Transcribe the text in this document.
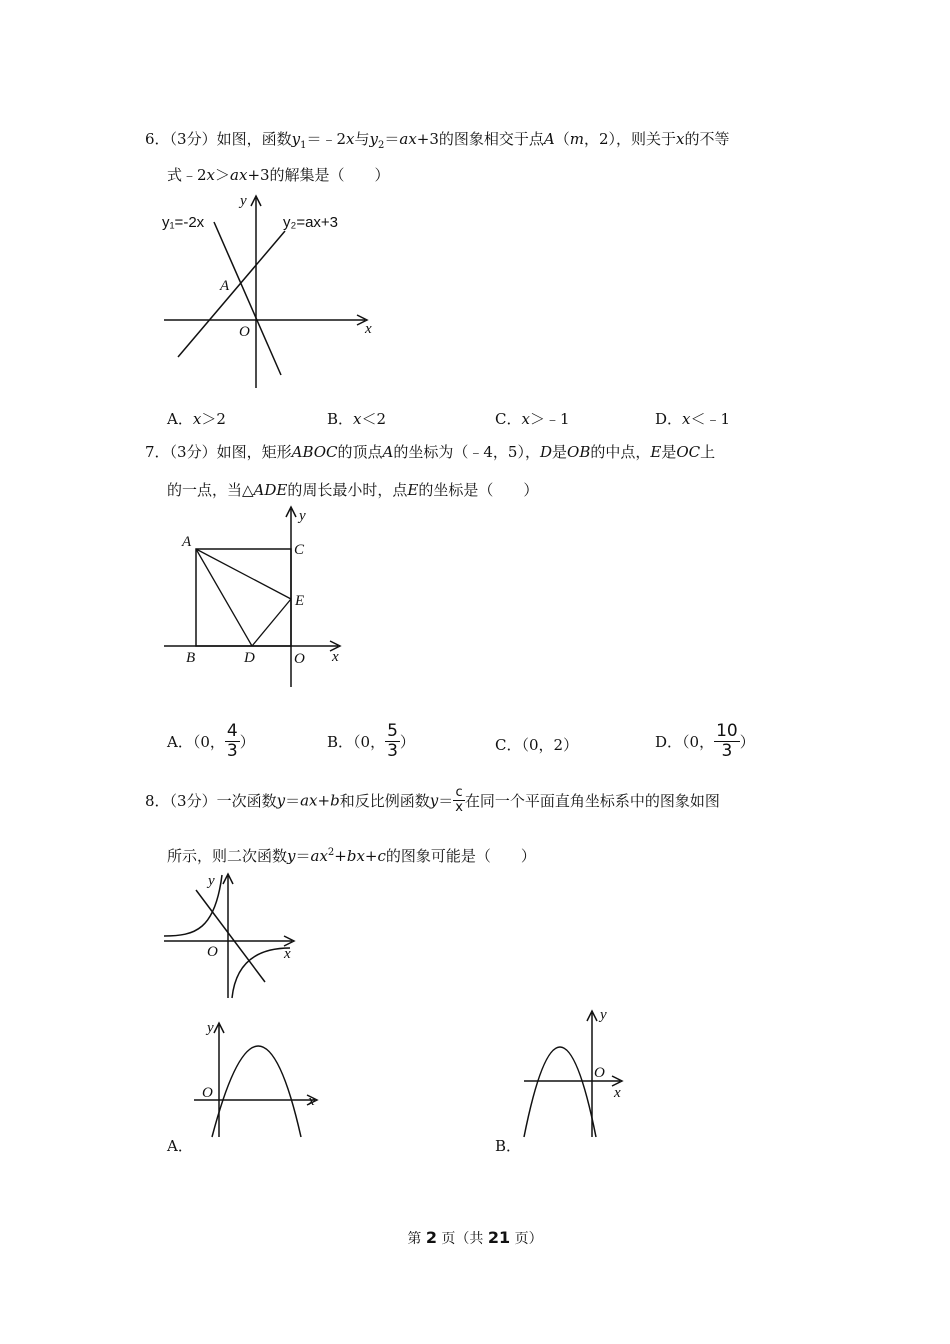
6．（3分）如图，函数$y_1=﹣2x$与$y_2=ax+3$的图象相交于点A（m，2），则关于x的不等
式﹣2x＞ax+3的解集是（　　）
y₁=-2x	y₂=ax+3
y
x
A
O
A．x＞2	B．x＜2	C．x＞﹣1	D．x＜﹣1
7．（3分）如图，矩形ABOC的顶点A的坐标为（﹣4，5），D是OB的中点，E是OC上
的一点，当△ADE的周长最小时，点E的坐标是（　　）
A
B
C
D
E
O x
y
A．（0， $\frac{4}{3}$ ）	B．（0， $\frac{5}{3}$ ）	C．（0，2）	D．（0， $\frac{10}{3}$ ）
8．（3分）一次函数y＝ax+b和反比例函数$y= \frac{c}{x}$ 在同一个平面直角坐标系中的图象如图
所示，则二次函数$y=ax^2+bx+c$的图象可能是（　　）
y
x
O
y
x
O
A．
y
x
O
B．
第 2 页（共 21 页）
